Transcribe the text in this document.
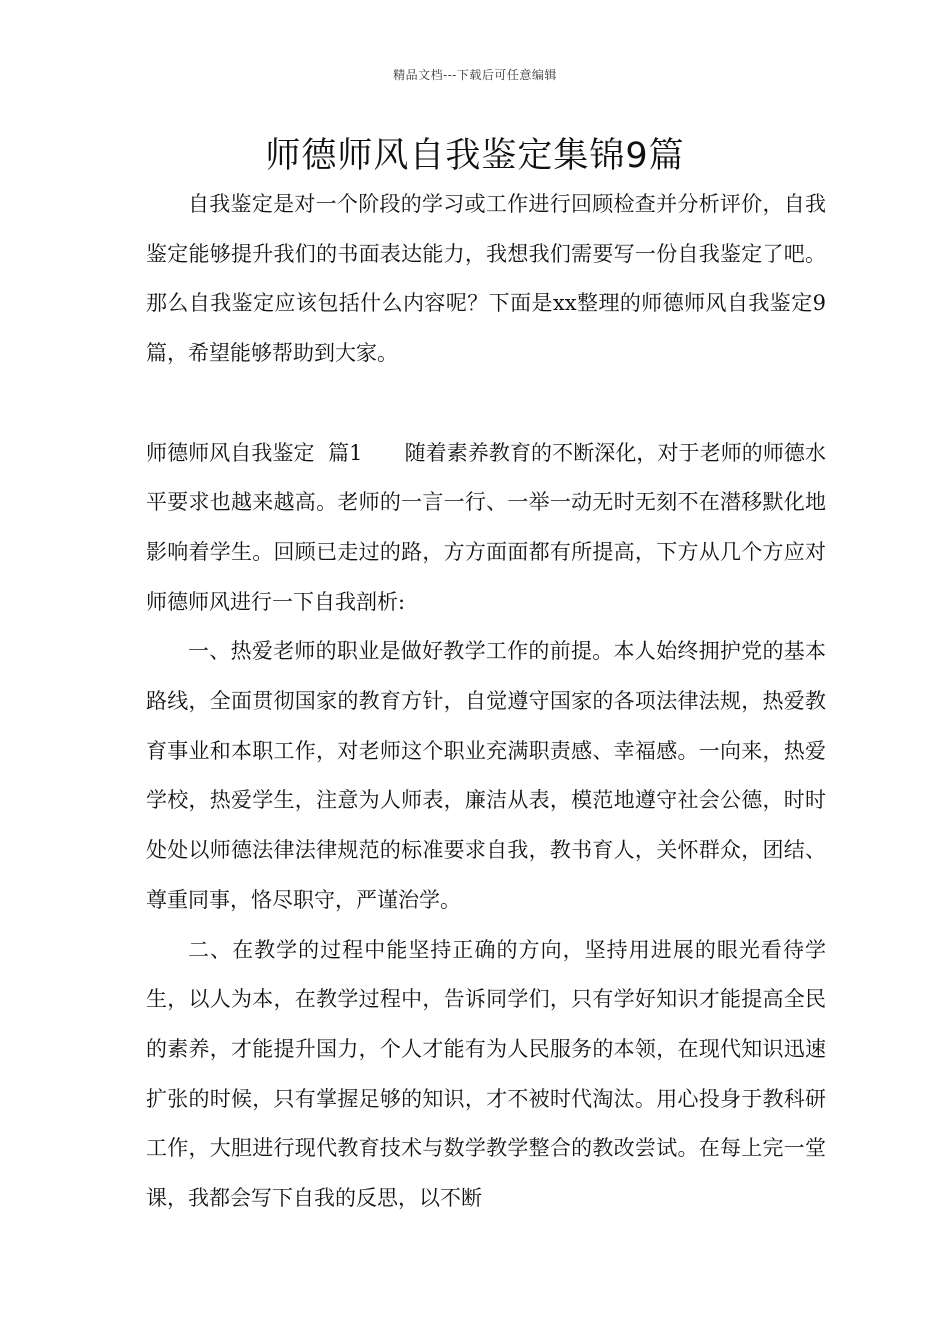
精品文档---下载后可任意编辑
师德师风自我鉴定集锦9篇

自我鉴定是对一个阶段的学习或工作进行回顾检查并分析评价，自我鉴定能够提升我们的书面表达能力，我想我们需要写一份自我鉴定了吧。那么自我鉴定应该包括什么内容呢？下面是xx整理的师德师风自我鉴定9篇，希望能够帮助到大家。

师德师风自我鉴定  篇1 随着素养教育的不断深化，对于老师的师德水平要求也越来越高。老师的一言一行、一举一动无时无刻不在潜移默化地影响着学生。回顾已走过的路，方方面面都有所提高，下方从几个方应对师德师风进行一下自我剖析:

一、热爱老师的职业是做好教学工作的前提。本人始终拥护党的基本路线，全面贯彻国家的教育方针，自觉遵守国家的各项法律法规，热爱教育事业和本职工作，对老师这个职业充满职责感、幸福感。一向来，热爱学校，热爱学生，注意为人师表，廉洁从表，模范地遵守社会公德，时时处处以师德法律法律规范的标准要求自我，教书育人，关怀群众，团结、尊重同事，恪尽职守，严谨治学。

二、在教学的过程中能坚持正确的方向，坚持用进展的眼光看待学生，以人为本，在教学过程中，告诉同学们，只有学好知识才能提高全民的素养，才能提升国力，个人才能有为人民服务的本领，在现代知识迅速扩张的时候，只有掌握足够的知识，才不被时代淘汰。用心投身于教科研工作，大胆进行现代教育技术与数学教学整合的教改尝试。在每上完一堂课，我都会写下自我的反思，以不断
